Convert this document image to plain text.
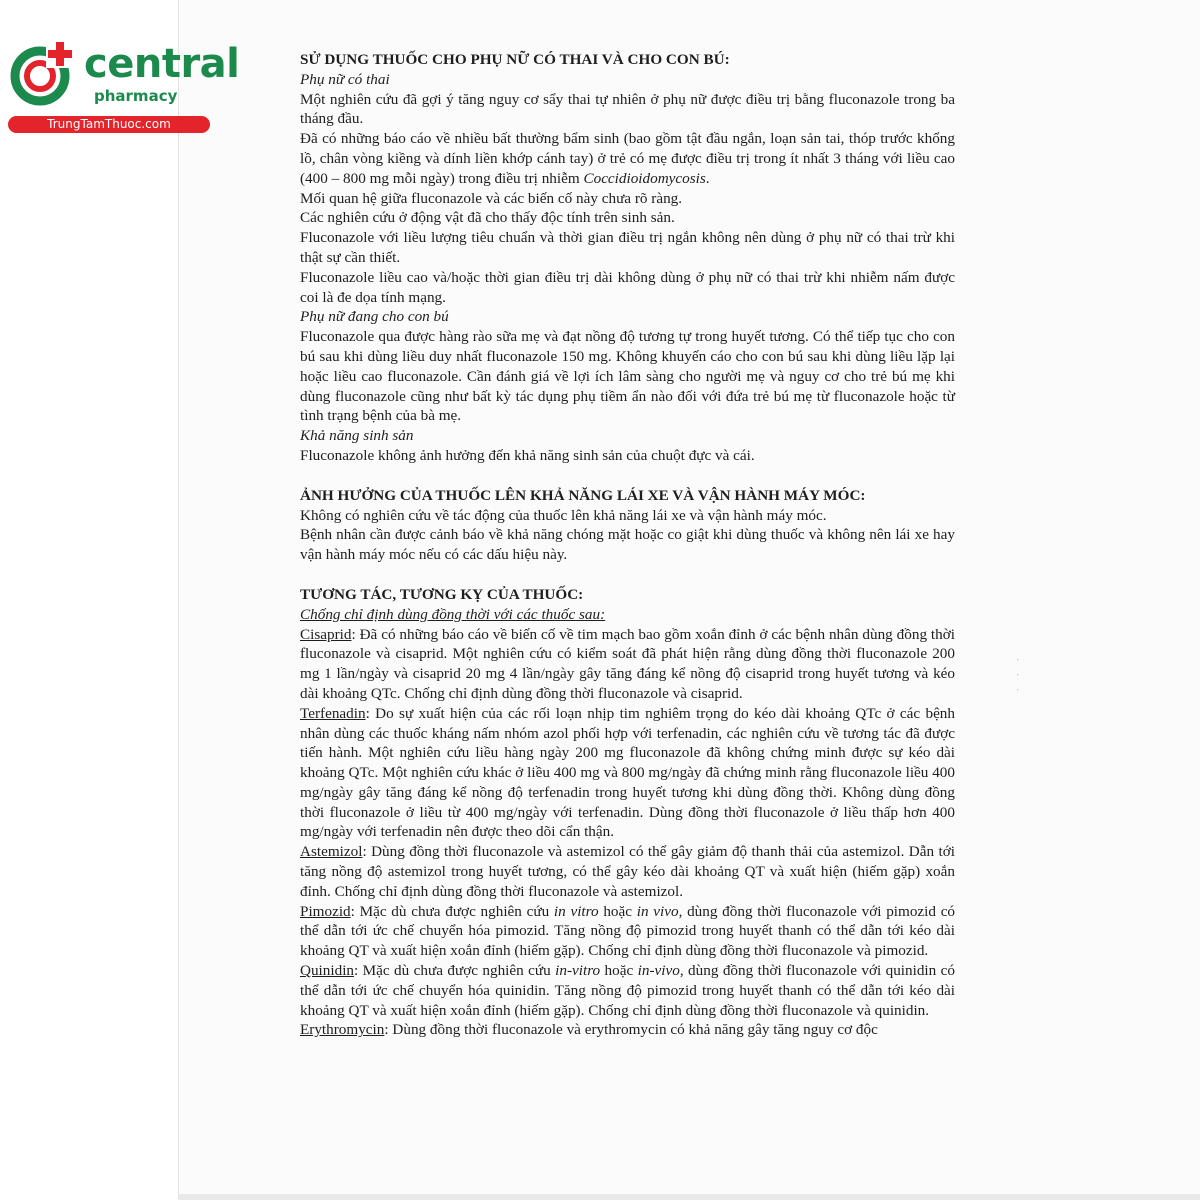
central
pharmacy
TrungTamThuoc.com
· · ·

SỬ DỤNG THUỐC CHO PHỤ NỮ CÓ THAI VÀ CHO CON BÚ:

Phụ nữ có thai

Một nghiên cứu đã gợi ý tăng nguy cơ sẩy thai tự nhiên ở phụ nữ được điều trị bằng fluconazole trong ba tháng đầu.

Đã có những báo cáo về nhiều bất thường bẩm sinh (bao gồm tật đầu ngắn, loạn sản tai, thóp trước khổng lồ, chân vòng kiềng và dính liền khớp cánh tay) ở trẻ có mẹ được điều trị trong ít nhất 3 tháng với liều cao (400 – 800 mg mỗi ngày) trong điều trị nhiễm Coccidioidomycosis.

Mối quan hệ giữa fluconazole và các biến cố này chưa rõ ràng.

Các nghiên cứu ở động vật đã cho thấy độc tính trên sinh sản.

Fluconazole với liều lượng tiêu chuẩn và thời gian điều trị ngắn không nên dùng ở phụ nữ có thai trừ khi thật sự cần thiết.

Fluconazole liều cao và/hoặc thời gian điều trị dài không dùng ở phụ nữ có thai trừ khi nhiễm nấm được coi là đe dọa tính mạng.

Phụ nữ đang cho con bú

Fluconazole qua được hàng rào sữa mẹ và đạt nồng độ tương tự trong huyết tương. Có thể tiếp tục cho con bú sau khi dùng liều duy nhất fluconazole 150 mg. Không khuyến cáo cho con bú sau khi dùng liều lặp lại hoặc liều cao fluconazole. Cần đánh giá về lợi ích lâm sàng cho người mẹ và nguy cơ cho trẻ bú mẹ khi dùng fluconazole cũng như bất kỳ tác dụng phụ tiềm ẩn nào đối với đứa trẻ bú mẹ từ fluconazole hoặc từ tình trạng bệnh của bà mẹ.

Khả năng sinh sản

Fluconazole không ảnh hưởng đến khả năng sinh sản của chuột đực và cái.

ẢNH HƯỞNG CỦA THUỐC LÊN KHẢ NĂNG LÁI XE VÀ VẬN HÀNH MÁY MÓC:

Không có nghiên cứu về tác động của thuốc lên khả năng lái xe và vận hành máy móc.

Bệnh nhân cần được cảnh báo về khả năng chóng mặt hoặc co giật khi dùng thuốc và không nên lái xe hay vận hành máy móc nếu có các dấu hiệu này.

TƯƠNG TÁC, TƯƠNG KỴ CỦA THUỐC:

Chống chỉ định dùng đồng thời với các thuốc sau:

Cisaprid: Đã có những báo cáo về biến cố về tim mạch bao gồm xoắn đỉnh ở các bệnh nhân dùng đồng thời fluconazole và cisaprid. Một nghiên cứu có kiểm soát đã phát hiện rằng dùng đồng thời fluconazole 200 mg 1 lần/ngày và cisaprid 20 mg 4 lần/ngày gây tăng đáng kể nồng độ cisaprid trong huyết tương và kéo dài khoảng QTc. Chống chỉ định dùng đồng thời fluconazole và cisaprid.

Terfenadin: Do sự xuất hiện của các rối loạn nhịp tim nghiêm trọng do kéo dài khoảng QTc ở các bệnh nhân dùng các thuốc kháng nấm nhóm azol phối hợp với terfenadin, các nghiên cứu về tương tác đã được tiến hành. Một nghiên cứu liều hàng ngày 200 mg fluconazole đã không chứng minh được sự kéo dài khoảng QTc. Một nghiên cứu khác ở liều 400 mg và 800 mg/ngày đã chứng minh rằng fluconazole liều 400 mg/ngày gây tăng đáng kể nồng độ terfenadin trong huyết tương khi dùng đồng thời. Không dùng đồng thời fluconazole ở liều từ 400 mg/ngày với terfenadin. Dùng đồng thời fluconazole ở liều thấp hơn 400 mg/ngày với terfenadin nên được theo dõi cẩn thận.

Astemizol: Dùng đồng thời fluconazole và astemizol có thể gây giảm độ thanh thải của astemizol. Dẫn tới tăng nồng độ astemizol trong huyết tương, có thể gây kéo dài khoảng QT và xuất hiện (hiếm gặp) xoắn đỉnh. Chống chỉ định dùng đồng thời fluconazole và astemizol.

Pimozid: Mặc dù chưa được nghiên cứu in vitro hoặc in vivo, dùng đồng thời fluconazole với pimozid có thể dẫn tới ức chế chuyển hóa pimozid. Tăng nồng độ pimozid trong huyết thanh có thể dẫn tới kéo dài khoảng QT và xuất hiện xoắn đỉnh (hiếm gặp). Chống chỉ định dùng đồng thời fluconazole và pimozid.

Quinidin: Mặc dù chưa được nghiên cứu in-vitro hoặc in-vivo, dùng đồng thời fluconazole với quinidin có thể dẫn tới ức chế chuyển hóa quinidin. Tăng nồng độ pimozid trong huyết thanh có thể dẫn tới kéo dài khoảng QT và xuất hiện xoắn đỉnh (hiếm gặp). Chống chỉ định dùng đồng thời fluconazole và quinidin.

Erythromycin: Dùng đồng thời fluconazole và erythromycin có khả năng gây tăng nguy cơ độc
